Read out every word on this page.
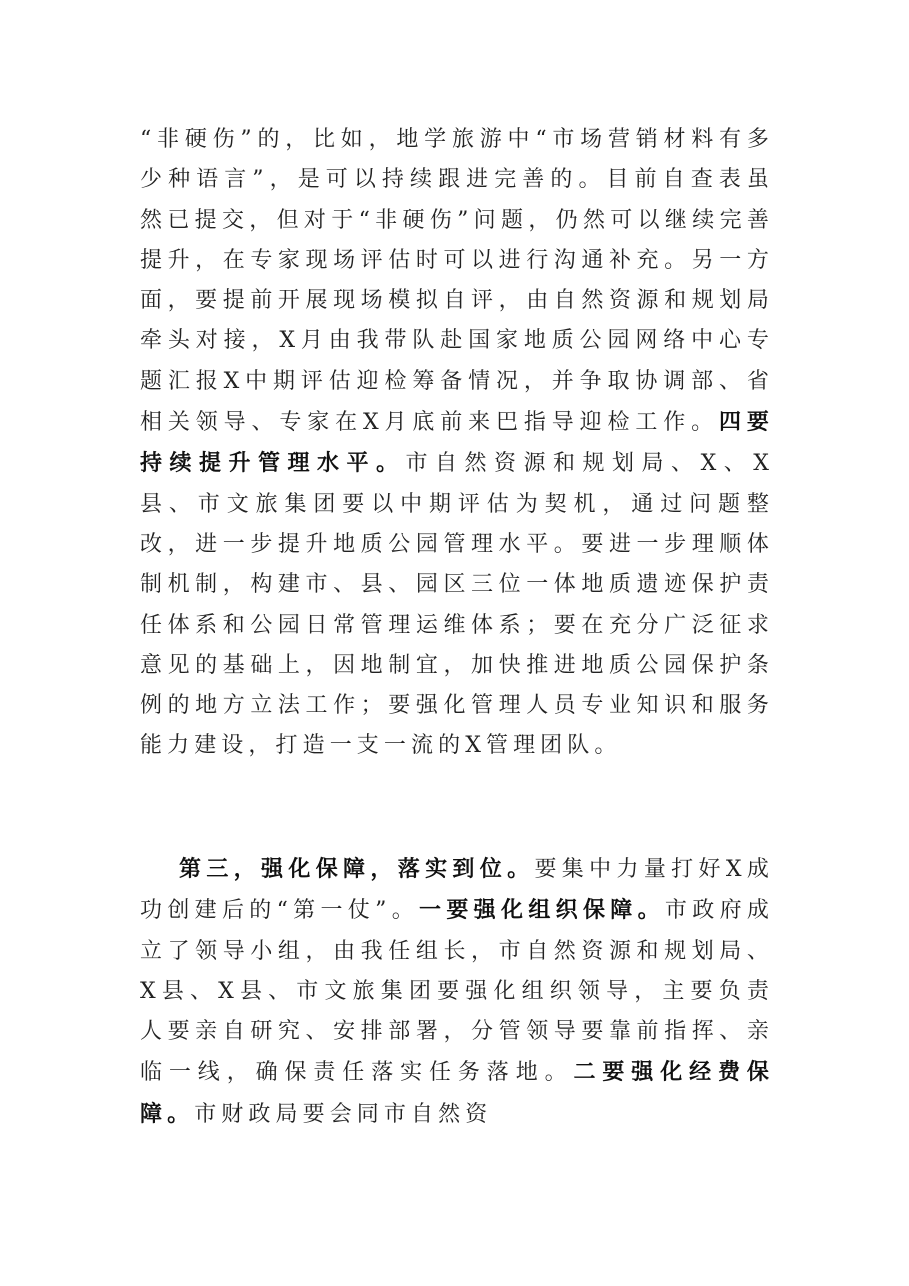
“非硬伤”的，比如，地学旅游中“市场营销材料有多少种语言”，是可以持续跟进完善的。目前自查表虽然已提交，但对于“非硬伤”问题，仍然可以继续完善提升，在专家现场评估时可以进行沟通补充。另一方面，要提前开展现场模拟自评，由自然资源和规划局牵头对接，X月由我带队赴国家地质公园网络中心专题汇报X中期评估迎检筹备情况，并争取协调部、省相关领导、专家在X月底前来巴指导迎检工作。四要持续提升管理水平。市自然资源和规划局、X、X县、市文旅集团要以中期评估为契机，通过问题整改，进一步提升地质公园管理水平。要进一步理顺体制机制，构建市、县、园区三位一体地质遗迹保护责任体系和公园日常管理运维体系；要在充分广泛征求意见的基础上，因地制宜，加快推进地质公园保护条例的地方立法工作；要强化管理人员专业知识和服务能力建设，打造一支一流的X管理团队。

第三，强化保障，落实到位。要集中力量打好X成功创建后的“第一仗”。一要强化组织保障。市政府成立了领导小组，由我任组长，市自然资源和规划局、X县、X县、市文旅集团要强化组织领导，主要负责人要亲自研究、安排部署，分管领导要靠前指挥、亲临一线，确保责任落实任务落地。二要强化经费保障。市财政局要会同市自然资
